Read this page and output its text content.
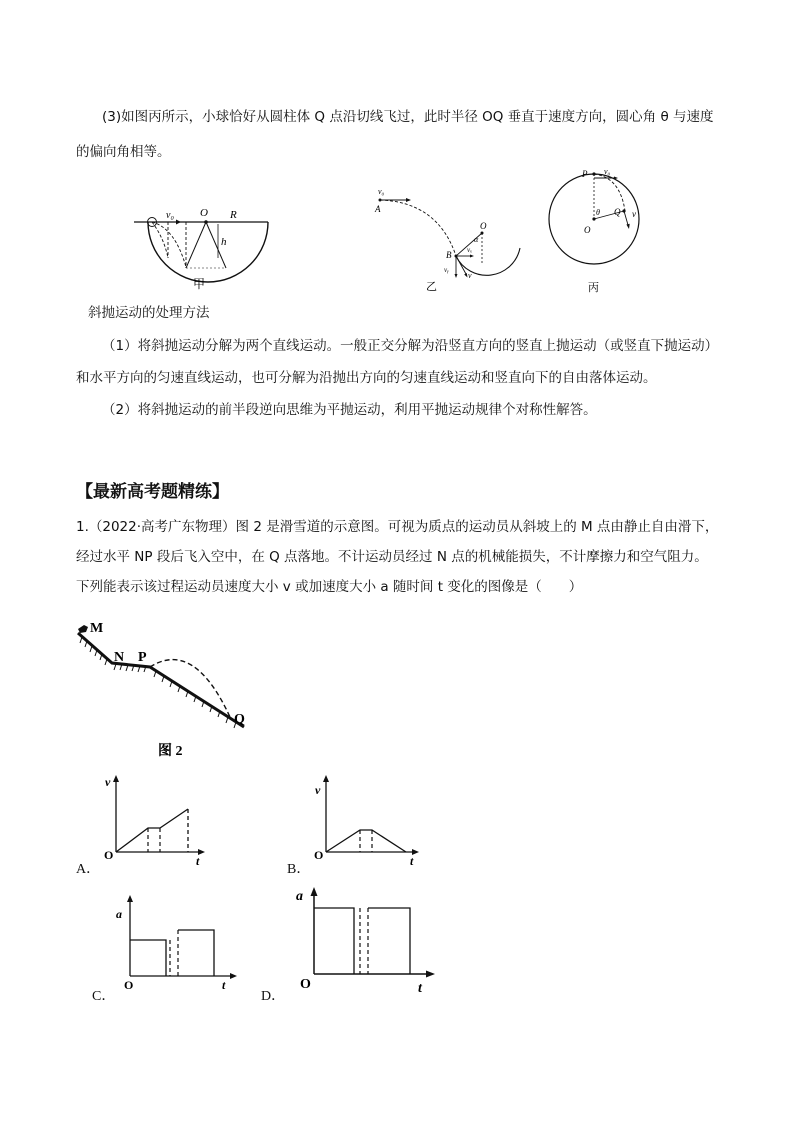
(3)如图丙所示，小球恰好从圆柱体 Q 点沿切线飞过，此时半径 OQ 垂直于速度方向，圆心角 θ 与速度
的偏向角相等。
v₀ O R
h
甲
v₀
A
O
α
B vₓ
vᵧ
v
乙
P v₀
θ Q v
O
丙
斜抛运动的处理方法
（1）将斜抛运动分解为两个直线运动。一般正交分解为沿竖直方向的竖直上抛运动（或竖直下抛运动）
和水平方向的匀速直线运动，也可分解为沿抛出方向的匀速直线运动和竖直向下的自由落体运动。
（2）将斜抛运动的前半段逆向思维为平抛运动，利用平抛运动规律个对称性解答。
【最新高考题精练】
1.（2022·高考广东物理）图 2 是滑雪道的示意图。可视为质点的运动员从斜坡上的 M 点由静止自由滑下，
经过水平 NP 段后飞入空中，在 Q 点落地。不计运动员经过 N 点的机械能损失，不计摩擦力和空气阻力。
下列能表示该过程运动员速度大小 v 或加速度大小 a 随时间 t 变化的图像是（　　）
M
N P
Q
图 2
v
O	t
A．
v
O	t
B．
a
O	t
C．
a
O	t
D．
